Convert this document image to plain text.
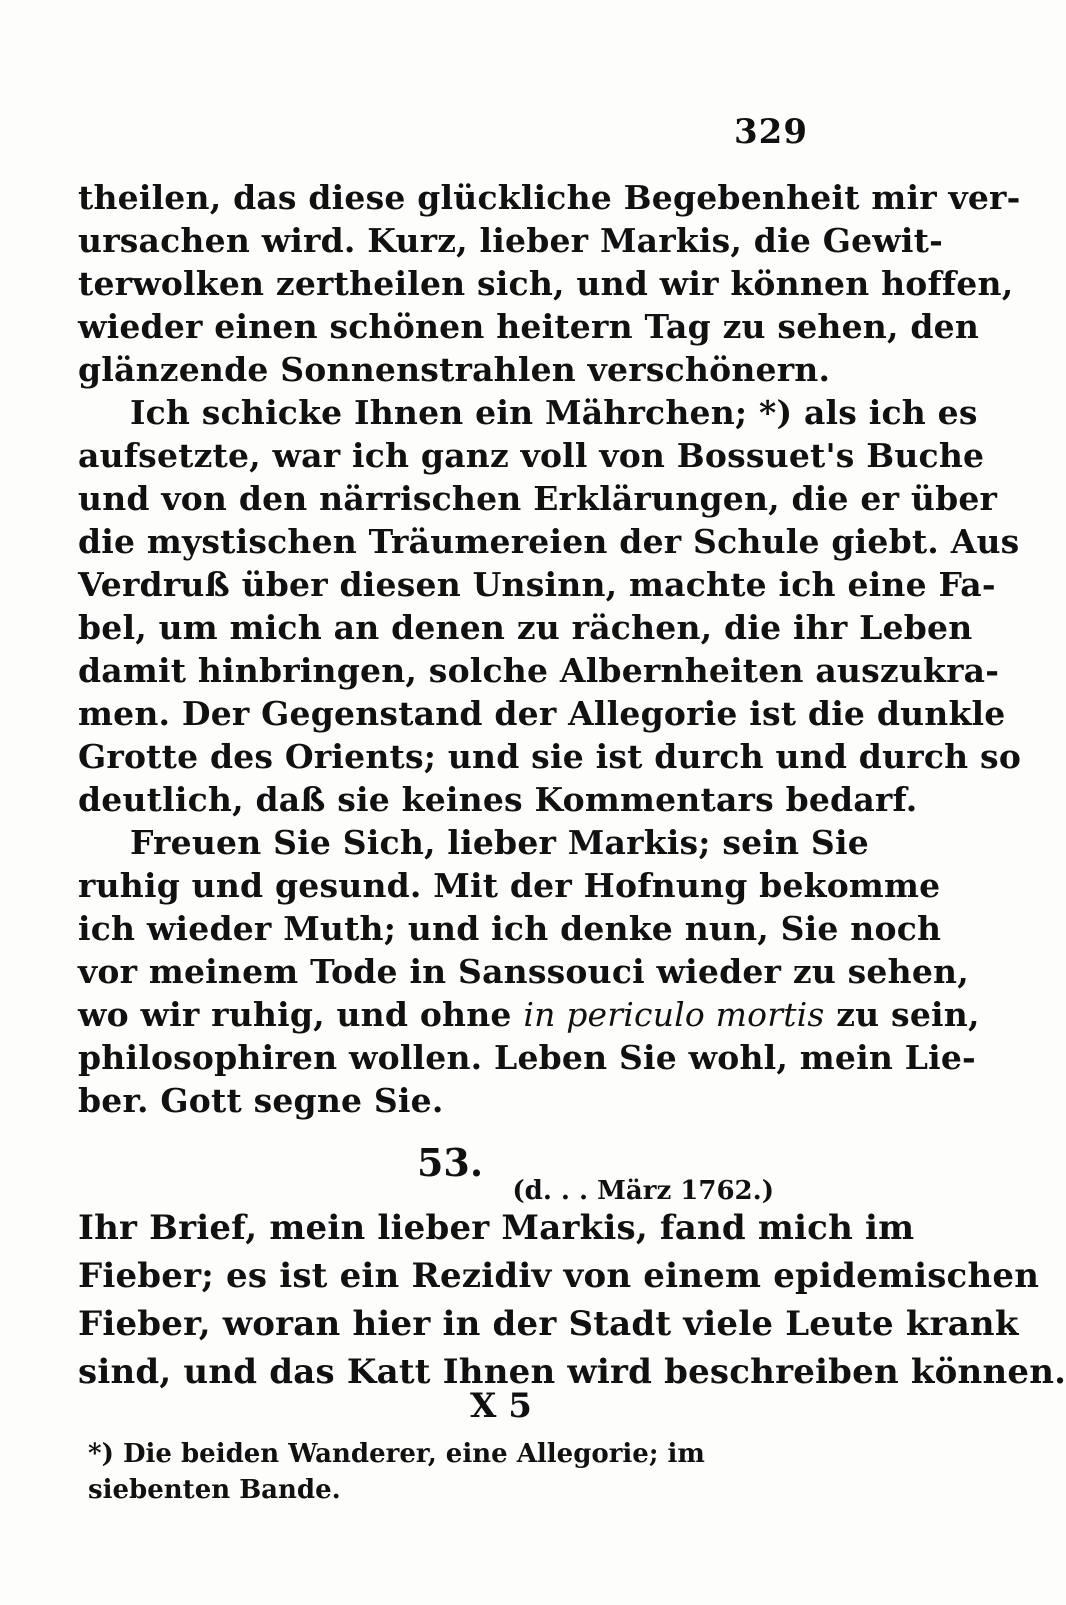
329
theilen, das diese glückliche Begebenheit mir ver-
ursachen wird. Kurz, lieber Markis, die Gewit-
terwolken zertheilen sich, und wir können hoffen,
wieder einen schönen heitern Tag zu sehen, den
glänzende Sonnenstrahlen verschönern.
Ich schicke Ihnen ein Mährchen; *) als ich es
aufsetzte, war ich ganz voll von Bossuet's Buche
und von den närrischen Erklärungen, die er über
die mystischen Träumereien der Schule giebt. Aus
Verdruß über diesen Unsinn, machte ich eine Fa-
bel, um mich an denen zu rächen, die ihr Leben
damit hinbringen, solche Albernheiten auszukra-
men. Der Gegenstand der Allegorie ist die dunkle
Grotte des Orients; und sie ist durch und durch so
deutlich, daß sie keines Kommentars bedarf.
Freuen Sie Sich, lieber Markis; sein Sie
ruhig und gesund. Mit der Hofnung bekomme
ich wieder Muth; und ich denke nun, Sie noch
vor meinem Tode in Sanssouci wieder zu sehen,
wo wir ruhig, und ohne in periculo mortis zu sein,
philosophiren wollen. Leben Sie wohl, mein Lie-
ber. Gott segne Sie.
53.
(d. . . März 1762.)
Ihr Brief, mein lieber Markis, fand mich im
Fieber; es ist ein Rezidiv von einem epidemischen
Fieber, woran hier in der Stadt viele Leute krank
sind, und das Katt Ihnen wird beschreiben können.
X 5
*) Die beiden Wanderer, eine Allegorie; im siebenten Bande.
